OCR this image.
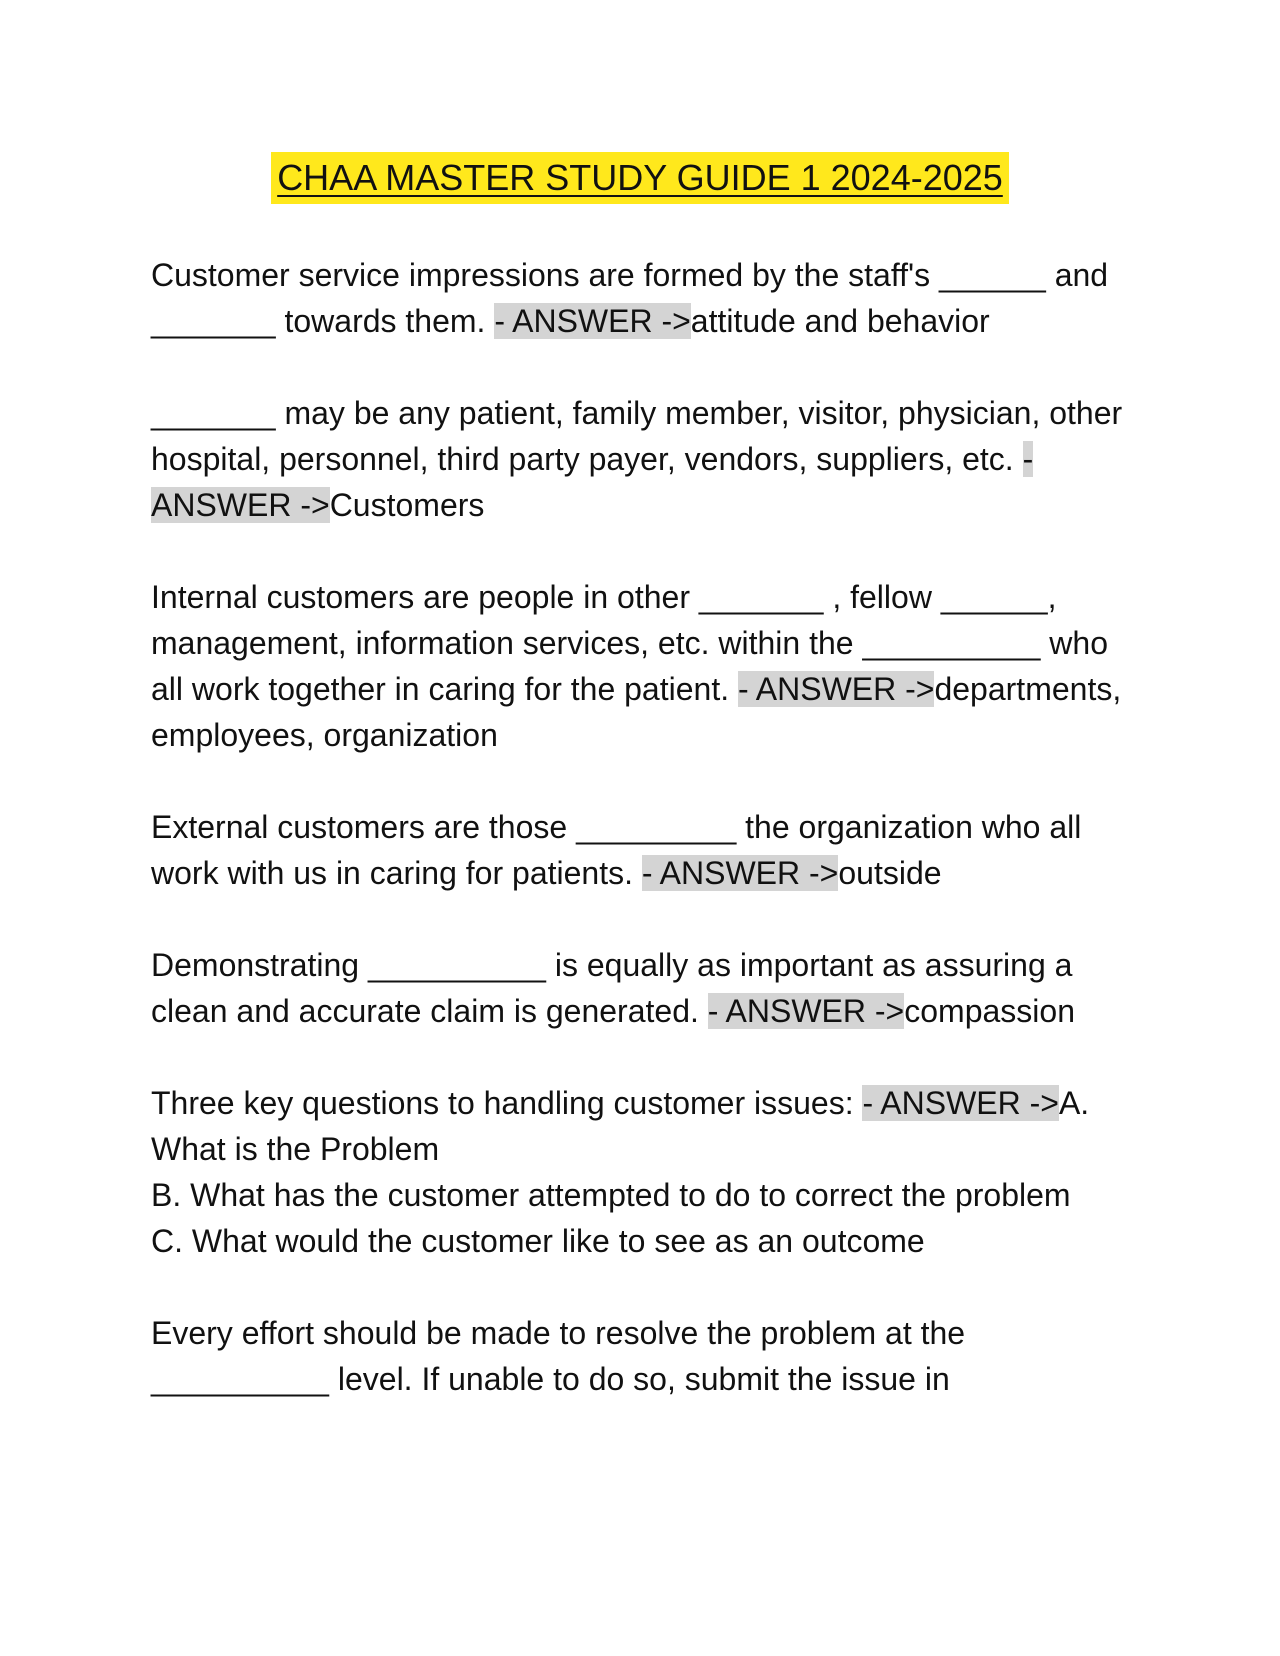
CHAA MASTER STUDY GUIDE 1 2024-2025

Customer service impressions are formed by the staff's ______ and _______ towards them. - ANSWER ->attitude and behavior

_______ may be any patient, family member, visitor, physician, other hospital, personnel, third party payer, vendors, suppliers, etc. - ANSWER ->Customers

Internal customers are people in other _______ , fellow ______, management, information services, etc. within the __________ who all work together in caring for the patient. - ANSWER ->departments, employees, organization

External customers are those _________ the organization who all work with us in caring for patients. - ANSWER ->outside

Demonstrating __________ is equally as important as assuring a clean and accurate claim is generated. - ANSWER ->compassion

Three key questions to handling customer issues: - ANSWER ->A. What is the Problem

B. What has the customer attempted to do to correct the problem

C. What would the customer like to see as an outcome

Every effort should be made to resolve the problem at the __________ level. If unable to do so, submit the issue in
